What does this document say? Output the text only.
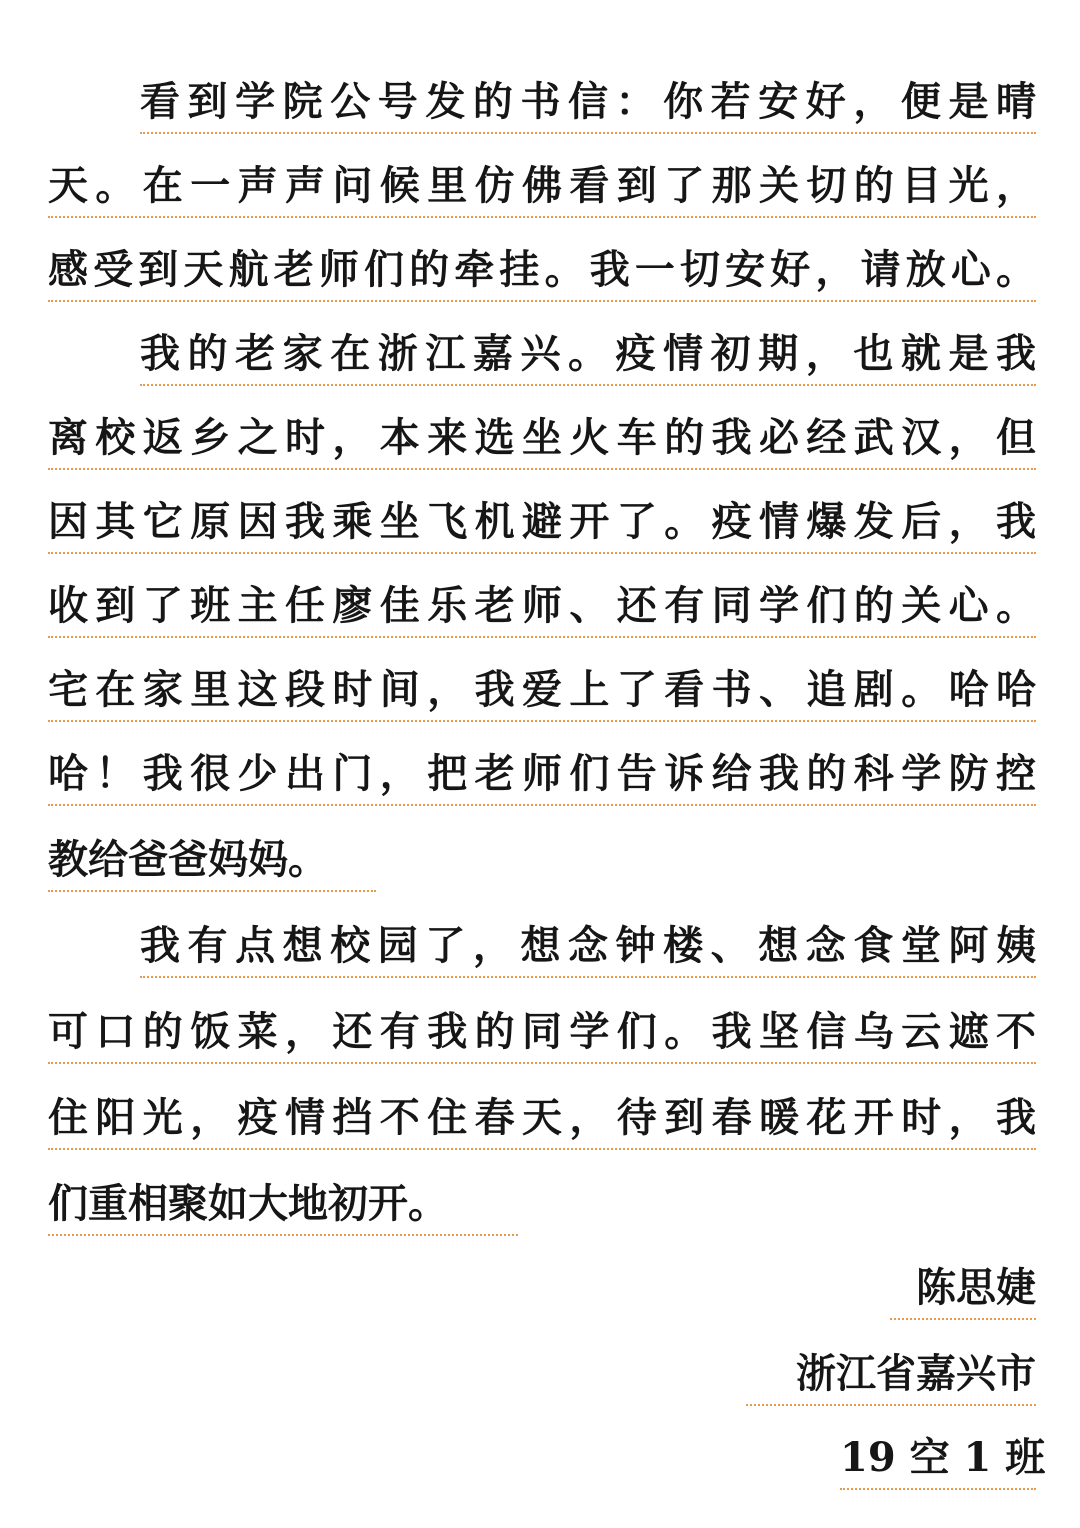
看到学院公号发的书信：你若安好，便是晴
天。在一声声问候里仿佛看到了那关切的目光，
感受到天航老师们的牵挂。我一切安好，请放心。
我的老家在浙江嘉兴。疫情初期，也就是我
离校返乡之时，本来选坐火车的我必经武汉，但
因其它原因我乘坐飞机避开了。疫情爆发后，我
收到了班主任廖佳乐老师、还有同学们的关心。
宅在家里这段时间，我爱上了看书、追剧。哈哈
哈！我很少出门，把老师们告诉给我的科学防控
教给爸爸妈妈。
我有点想校园了，想念钟楼、想念食堂阿姨
可口的饭菜，还有我的同学们。我坚信乌云遮不
住阳光，疫情挡不住春天，待到春暖花开时，我
们重相聚如大地初开。
陈思婕
浙江省嘉兴市
19 空 1 班
